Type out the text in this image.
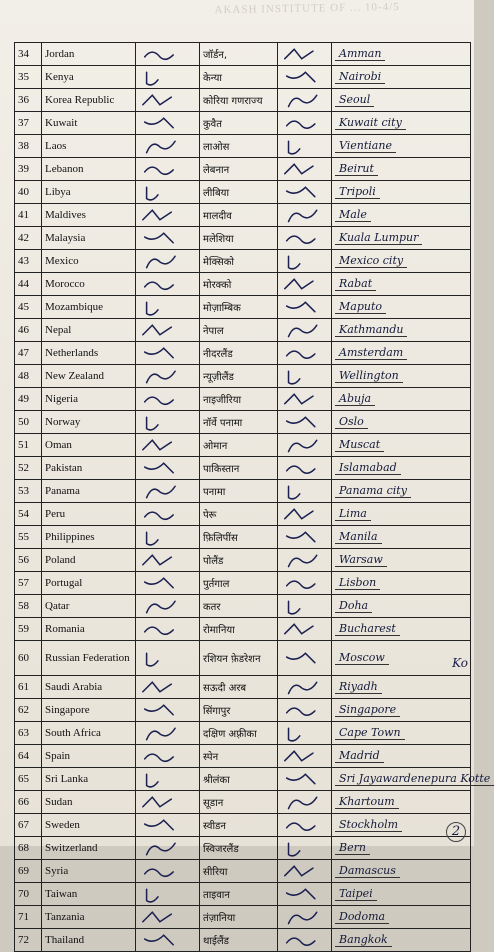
AKASH INSTITUTE OF ... 10-4/5
34	Jordan		जॉर्डन,		Amman
35	Kenya		केन्या		Nairobi
36	Korea Republic		कोरिया गणराज्य		Seoul
37	Kuwait		कुवैत		Kuwait city
38	Laos		लाओस		Vientiane
39	Lebanon		लेबनान		Beirut
40	Libya		लीबिया		Tripoli
41	Maldives		मालदीव		Male
42	Malaysia		मलेशिया		Kuala Lumpur
43	Mexico		मेक्सिको		Mexico city
44	Morocco		मोरक्को		Rabat
45	Mozambique		मोज़ाम्बिक		Maputo
46	Nepal		नेपाल		Kathmandu
47	Netherlands		नीदरलैंड		Amsterdam
48	New Zealand		न्यूज़ीलैंड		Wellington
49	Nigeria		नाइजीरिया		Abuja
50	Norway		नॉर्वे पनामा		Oslo
51	Oman		ओमान		Muscat
52	Pakistan		पाकिस्तान		Islamabad
53	Panama		पनामा		Panama city
54	Peru		पेरू		Lima
55	Philippines		फ़िलिपींस		Manila
56	Poland		पोलैंड		Warsaw
57	Portugal		पुर्तगाल		Lisbon
58	Qatar		कतर		Doha
59	Romania		रोमानिया		Bucharest
60	Russian Federation		रशियन फ़ेडरेशन		Moscow
61	Saudi Arabia		सऊदी अरब		Riyadh
62	Singapore		सिंगापुर		Singapore
63	South Africa		दक्षिण अफ़्रीका		Cape Town
64	Spain		स्पेन		Madrid
65	Sri Lanka		श्रीलंका		Sri Jayawardenepura Kotte
66	Sudan		सूडान		Khartoum
67	Sweden		स्वीडन		Stockholm
68	Switzerland		स्विजरलैंड		Bern
69	Syria		सीरिया		Damascus
70	Taiwan		ताइवान		Taipei
71	Tanzania		तंज़ानिया		Dodoma
72	Thailand		थाईलैंड		Bangkok
Ko
2
